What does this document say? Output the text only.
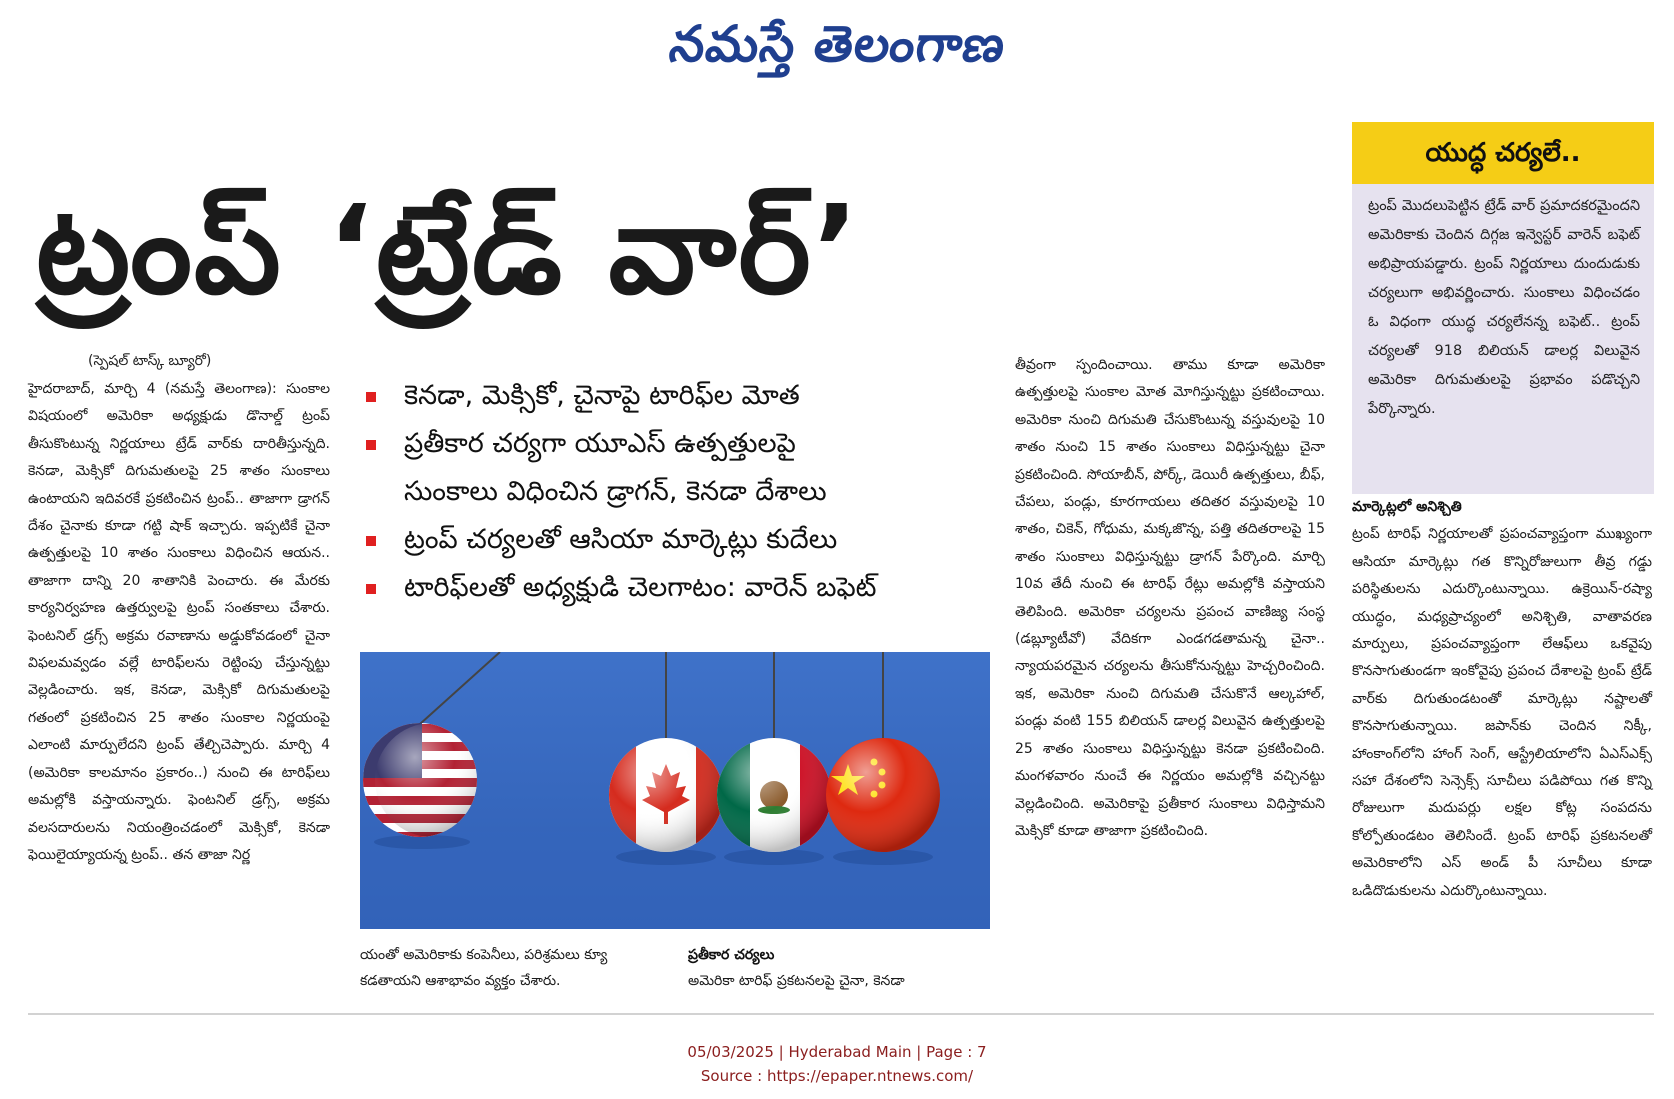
నమస్తే తెలంగాణ
ట్రంప్ ‘ట్రేడ్ వార్’
యుద్ధ చర్యలే..
ట్రంప్ మొదలుపెట్టిన ట్రేడ్ వార్ ప్రమాదకరమైందని అమెరికాకు చెందిన దిగ్గజ ఇన్వెస్టర్ వారెన్ బఫెట్ అభిప్రాయపడ్డారు. ట్రంప్ నిర్ణయాలు దుందుడుకు చర్యలుగా అభివర్ణించారు. సుంకాలు విధించడం ఓ విధంగా యుద్ధ చర్యలేనన్న బఫెట్.. ట్రంప్ చర్యలతో 918 బిలియన్ డాలర్ల విలువైన అమెరికా దిగుమతులపై ప్రభావం పడొచ్చని పేర్కొన్నారు.
(స్పెషల్ టాస్క్ బ్యూరో)
హైదరాబాద్, మార్చి 4 (నమస్తే తెలంగాణ): సుంకాల విషయంలో అమెరికా అధ్యక్షుడు డొనాల్డ్ ట్రంప్ తీసుకొంటున్న నిర్ణయాలు ట్రేడ్ వార్‌కు దారితీస్తున్నది. కెనడా, మెక్సికో దిగుమతులపై 25 శాతం సుంకాలు ఉంటాయని ఇదివరకే ప్రకటించిన ట్రంప్.. తాజాగా డ్రాగన్ దేశం చైనాకు కూడా గట్టి షాక్ ఇచ్చారు. ఇప్పటికే చైనా ఉత్పత్తులపై 10 శాతం సుంకాలు విధించిన ఆయన.. తాజాగా దాన్ని 20 శాతానికి పెంచారు. ఈ మేరకు కార్యనిర్వహణ ఉత్తర్వులపై ట్రంప్ సంతకాలు చేశారు. ఫెంటనిల్ డ్రగ్స్ అక్రమ రవాణాను అడ్డుకోవడంలో చైనా విఫలమవ్వడం వల్లే టారిఫ్‌లను రెట్టింపు చేస్తున్నట్టు వెల్లడించారు. ఇక, కెనడా, మెక్సికో దిగుమతులపై గతంలో ప్రకటించిన 25 శాతం సుంకాల నిర్ణయంపై ఎలాంటి మార్పులేదని ట్రంప్ తేల్చిచెప్పారు. మార్చి 4 (అమెరికా కాలమానం ప్రకారం..) నుంచి ఈ టారిఫ్‌లు అమల్లోకి వస్తాయన్నారు. ఫెంటనిల్ డ్రగ్స్, అక్రమ వలసదారులను నియంత్రించడంలో మెక్సికో, కెనడా ఫెయిలైయ్యాయన్న ట్రంప్.. తన తాజా నిర్ణ
కెనడా, మెక్సికో, చైనాపై టారిఫ్‌ల మోత
ప్రతీకార చర్యగా యూఎస్ ఉత్పత్తులపై
సుంకాలు విధించిన డ్రాగన్, కెనడా దేశాలు
ట్రంప్ చర్యలతో ఆసియా మార్కెట్లు కుదేలు
టారిఫ్‌లతో అధ్యక్షుడి చెలగాటం: వారెన్ బఫెట్
యంతో అమెరికాకు కంపెనీలు, పరిశ్రమలు క్యూ కడతాయని ఆశాభావం వ్యక్తం చేశారు.
ప్రతీకార చర్యలు
అమెరికా టారిఫ్ ప్రకటనలపై చైనా, కెనడా
తీవ్రంగా స్పందించాయి. తాము కూడా అమెరికా ఉత్పత్తులపై సుంకాల మోత మోగిస్తున్నట్టు ప్రకటించాయి. అమెరికా నుంచి దిగుమతి చేసుకొంటున్న వస్తువులపై 10 శాతం నుంచి 15 శాతం సుంకాలు విధిస్తున్నట్టు చైనా ప్రకటించింది. సోయాబీన్, పోర్క్, డెయిరీ ఉత్పత్తులు, బీఫ్, చేపలు, పండ్లు, కూరగాయలు తదితర వస్తువులపై 10 శాతం, చికెన్, గోధుమ, మక్కజొన్న, పత్తి తదితరాలపై 15 శాతం సుంకాలు విధిస్తున్నట్టు డ్రాగన్ పేర్కొంది. మార్చి 10వ తేదీ నుంచి ఈ టారిఫ్ రేట్లు అమల్లోకి వస్తాయని తెలిపింది. అమెరికా చర్యలను ప్రపంచ వాణిజ్య సంస్థ (డబ్ల్యూటీవో) వేదికగా ఎండగడతామన్న చైనా.. న్యాయపరమైన చర్యలను తీసుకోనున్నట్టు హెచ్చరించింది. ఇక, అమెరికా నుంచి దిగుమతి చేసుకొనే ఆల్కహాల్, పండ్లు వంటి 155 బిలియన్ డాలర్ల విలువైన ఉత్పత్తులపై 25 శాతం సుంకాలు విధిస్తున్నట్టు కెనడా ప్రకటించింది. మంగళవారం నుంచే ఈ నిర్ణయం అమల్లోకి వచ్చినట్టు వెల్లడించింది. అమెరికాపై ప్రతీకార సుంకాలు విధిస్తామని మెక్సికో కూడా తాజాగా ప్రకటించింది.
మార్కెట్లలో అనిశ్చితి
ట్రంప్ టారిఫ్ నిర్ణయాలతో ప్రపంచవ్యాప్తంగా ముఖ్యంగా ఆసియా మార్కెట్లు గత కొన్నిరోజులుగా తీవ్ర గడ్డు పరిస్థితులను ఎదుర్కొంటున్నాయి. ఉక్రెయిన్-రష్యా యుద్ధం, మధ్యప్రాచ్యంలో అనిశ్చితి, వాతావరణ మార్పులు, ప్రపంచవ్యాప్తంగా లేఆఫ్‌లు ఒకవైపు కొనసాగుతుండగా ఇంకోవైపు ప్రపంచ దేశాలపై ట్రంప్ ట్రేడ్ వార్‌కు దిగుతుండటంతో మార్కెట్లు నష్టాలతో కొనసాగుతున్నాయి. జపాన్‌కు చెందిన నిక్కీ, హాంకాంగ్‌లోని హాంగ్ సెంగ్, ఆస్ట్రేలియాలోని ఏఎస్ఎక్స్ సహా దేశంలోని సెన్సెక్స్ సూచీలు పడిపోయి గత కొన్ని రోజులుగా మదుపర్లు లక్షల కోట్ల సంపదను కోల్పోతుండటం తెలిసిందే. ట్రంప్ టారిఫ్ ప్రకటనలతో అమెరికాలోని ఎస్ అండ్ పీ సూచీలు కూడా ఒడిదొడుకులను ఎదుర్కొంటున్నాయి.
05/03/2025 | Hyderabad Main | Page : 7
Source : https://epaper.ntnews.com/
